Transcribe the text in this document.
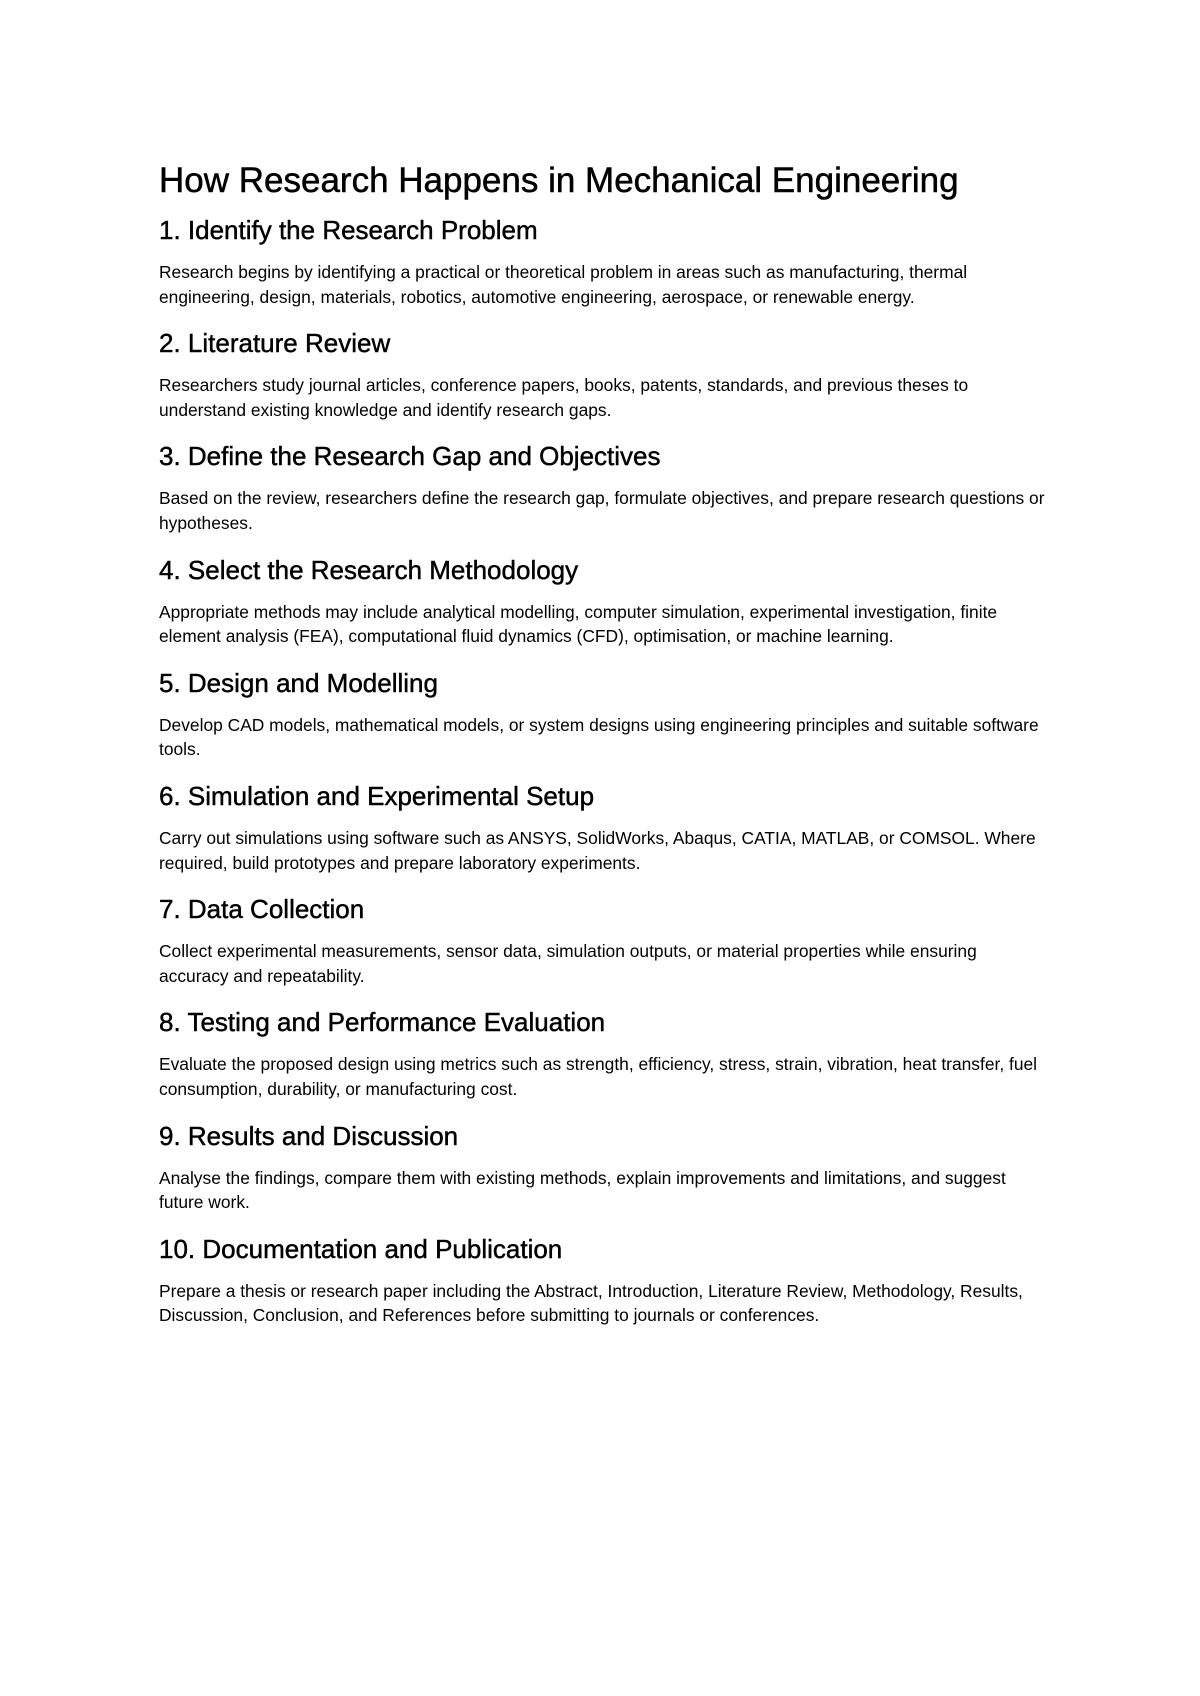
How Research Happens in Mechanical Engineering
1. Identify the Research Problem

Research begins by identifying a practical or theoretical problem in areas such as manufacturing, thermal engineering, design, materials, robotics, automotive engineering, aerospace, or renewable energy.

2. Literature Review

Researchers study journal articles, conference papers, books, patents, standards, and previous theses to understand existing knowledge and identify research gaps.

3. Define the Research Gap and Objectives

Based on the review, researchers define the research gap, formulate objectives, and prepare research questions or hypotheses.

4. Select the Research Methodology

Appropriate methods may include analytical modelling, computer simulation, experimental investigation, finite element analysis (FEA), computational fluid dynamics (CFD), optimisation, or machine learning.

5. Design and Modelling

Develop CAD models, mathematical models, or system designs using engineering principles and suitable software tools.

6. Simulation and Experimental Setup

Carry out simulations using software such as ANSYS, SolidWorks, Abaqus, CATIA, MATLAB, or COMSOL. Where required, build prototypes and prepare laboratory experiments.

7. Data Collection

Collect experimental measurements, sensor data, simulation outputs, or material properties while ensuring accuracy and repeatability.

8. Testing and Performance Evaluation

Evaluate the proposed design using metrics such as strength, efficiency, stress, strain, vibration, heat transfer, fuel consumption, durability, or manufacturing cost.

9. Results and Discussion

Analyse the findings, compare them with existing methods, explain improvements and limitations, and suggest future work.

10. Documentation and Publication

Prepare a thesis or research paper including the Abstract, Introduction, Literature Review, Methodology, Results, Discussion, Conclusion, and References before submitting to journals or conferences.
